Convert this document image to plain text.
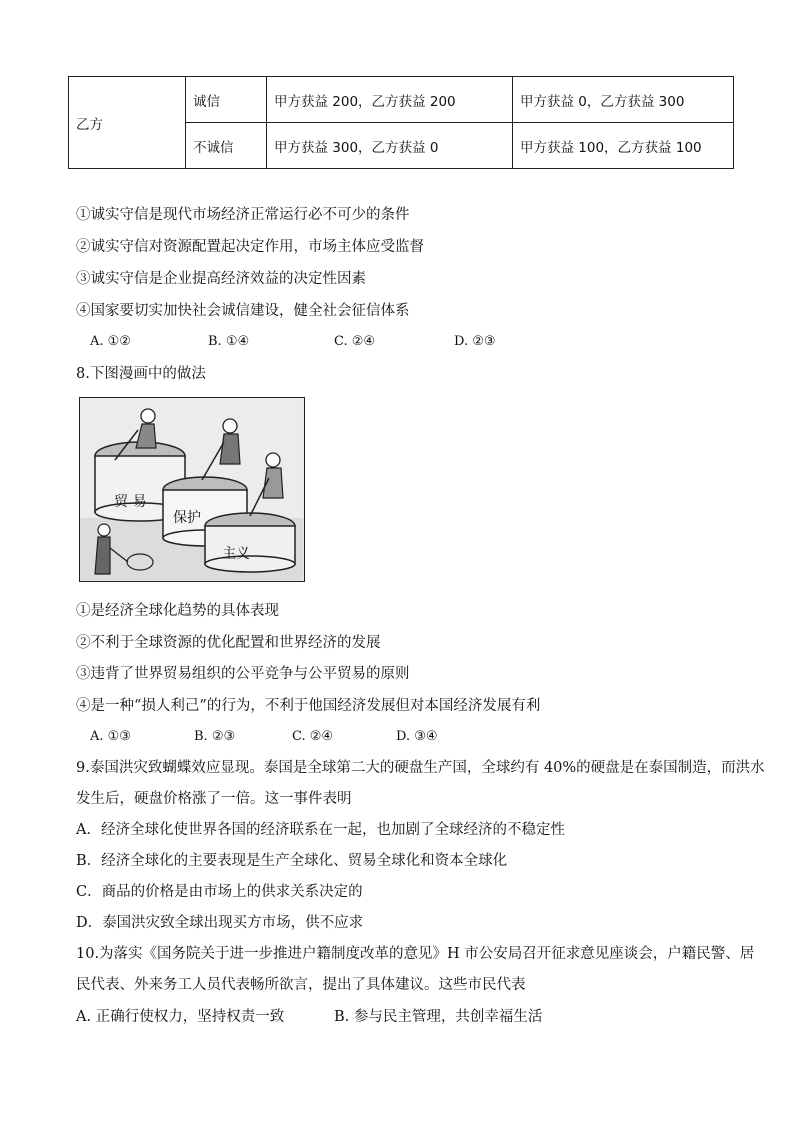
乙方	诚信	甲方获益 200，乙方获益 200	甲方获益 0，乙方获益 300
	不诚信	甲方获益 300，乙方获益 0	甲方获益 100，乙方获益 100
①诚实守信是现代市场经济正常运行必不可少的条件
②诚实守信对资源配置起决定作用，市场主体应受监督
③诚实守信是企业提高经济效益的决定性因素
④国家要切实加快社会诚信建设，健全社会征信体系
A. ①②	B. ①④	C. ②④	D. ②③
8.下图漫画中的做法
贸 易
保护
主义
①是经济全球化趋势的具体表现
②不利于全球资源的优化配置和世界经济的发展
③违背了世界贸易组织的公平竞争与公平贸易的原则
④是一种“损人利己”的行为，不利于他国经济发展但对本国经济发展有利
A. ①③	B. ②③	C. ②④	D. ③④
9.泰国洪灾致蝴蝶效应显现。泰国是全球第二大的硬盘生产国，全球约有 40%的硬盘是在泰国制造，而洪水
发生后，硬盘价格涨了一倍。这一事件表明
A．经济全球化使世界各国的经济联系在一起，也加剧了全球经济的不稳定性
B．经济全球化的主要表现是生产全球化、贸易全球化和资本全球化
C．商品的价格是由市场上的供求关系决定的
D．泰国洪灾致全球出现买方市场，供不应求
10.为落实《国务院关于进一步推进户籍制度改革的意见》H 市公安局召开征求意见座谈会，户籍民警、居
民代表、外来务工人员代表畅所欲言，提出了具体建议。这些市民代表
A. 正确行使权力，坚持权责一致	B. 参与民主管理，共创幸福生活
